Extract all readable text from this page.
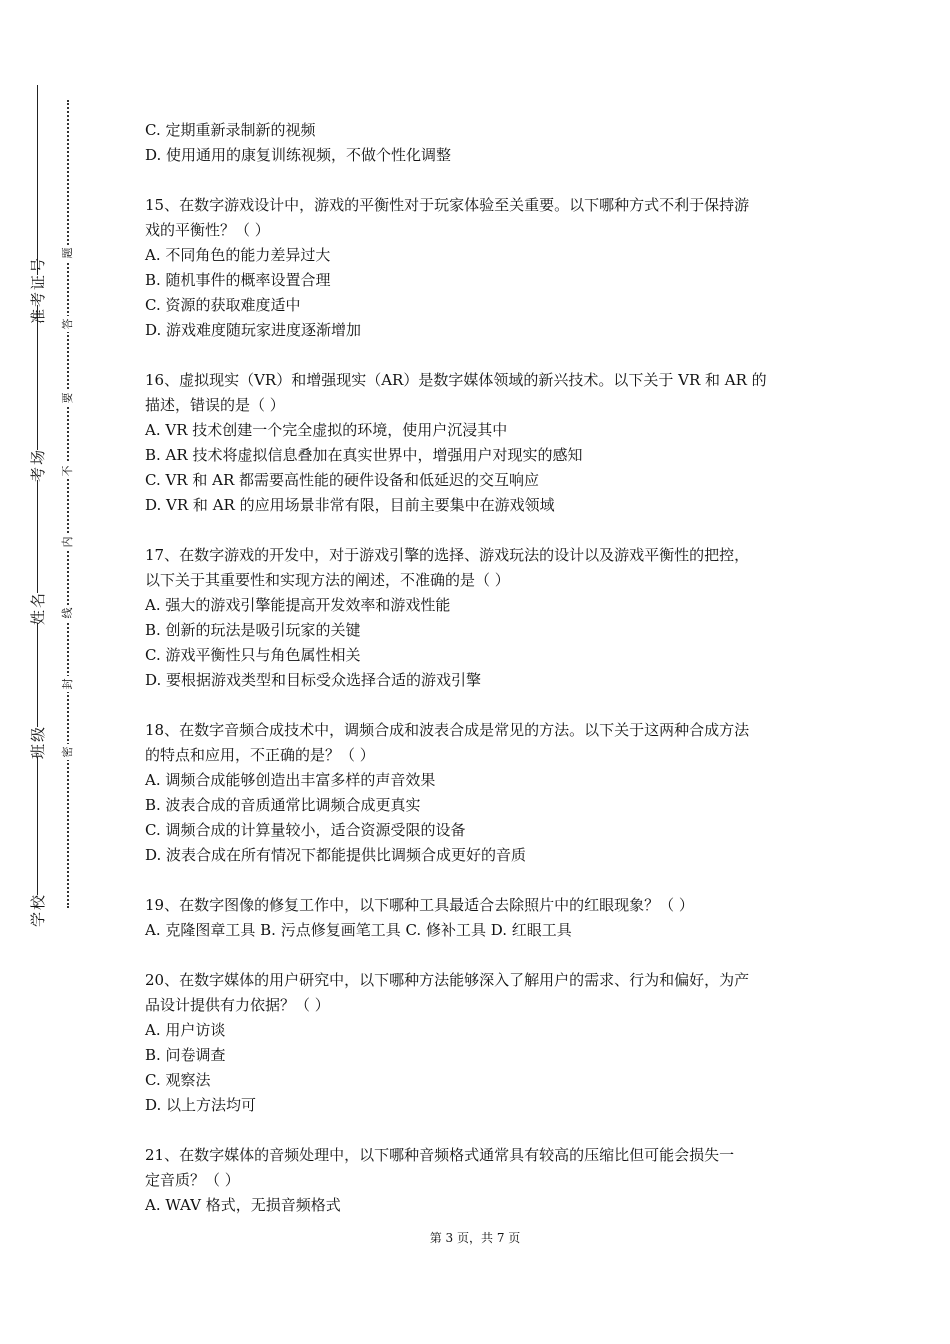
准考证号
考场
姓名
班级
学校
题
答
要
不
内
线
封
密
C. 定期重新录制新的视频
D. 使用通用的康复训练视频，不做个性化调整
15、在数字游戏设计中，游戏的平衡性对于玩家体验至关重要。以下哪种方式不利于保持游
戏的平衡性？（ ）
A. 不同角色的能力差异过大
B. 随机事件的概率设置合理
C. 资源的获取难度适中
D. 游戏难度随玩家进度逐渐增加
16、虚拟现实（VR）和增强现实（AR）是数字媒体领域的新兴技术。以下关于 VR 和 AR 的
描述，错误的是（ ）
A. VR 技术创建一个完全虚拟的环境，使用户沉浸其中
B. AR 技术将虚拟信息叠加在真实世界中，增强用户对现实的感知
C. VR 和 AR 都需要高性能的硬件设备和低延迟的交互响应
D. VR 和 AR 的应用场景非常有限，目前主要集中在游戏领域
17、在数字游戏的开发中，对于游戏引擎的选择、游戏玩法的设计以及游戏平衡性的把控，
以下关于其重要性和实现方法的阐述，不准确的是（ ）
A. 强大的游戏引擎能提高开发效率和游戏性能
B. 创新的玩法是吸引玩家的关键
C. 游戏平衡性只与角色属性相关
D. 要根据游戏类型和目标受众选择合适的游戏引擎
18、在数字音频合成技术中，调频合成和波表合成是常见的方法。以下关于这两种合成方法
的特点和应用，不正确的是？（ ）
A. 调频合成能够创造出丰富多样的声音效果
B. 波表合成的音质通常比调频合成更真实
C. 调频合成的计算量较小，适合资源受限的设备
D. 波表合成在所有情况下都能提供比调频合成更好的音质
19、在数字图像的修复工作中，以下哪种工具最适合去除照片中的红眼现象？（ ）
A. 克隆图章工具 B. 污点修复画笔工具 C. 修补工具 D. 红眼工具
20、在数字媒体的用户研究中，以下哪种方法能够深入了解用户的需求、行为和偏好，为产
品设计提供有力依据？（ ）
A. 用户访谈
B. 问卷调查
C. 观察法
D. 以上方法均可
21、在数字媒体的音频处理中，以下哪种音频格式通常具有较高的压缩比但可能会损失一
定音质？（ ）
A. WAV 格式，无损音频格式
第 3 页，共 7 页
